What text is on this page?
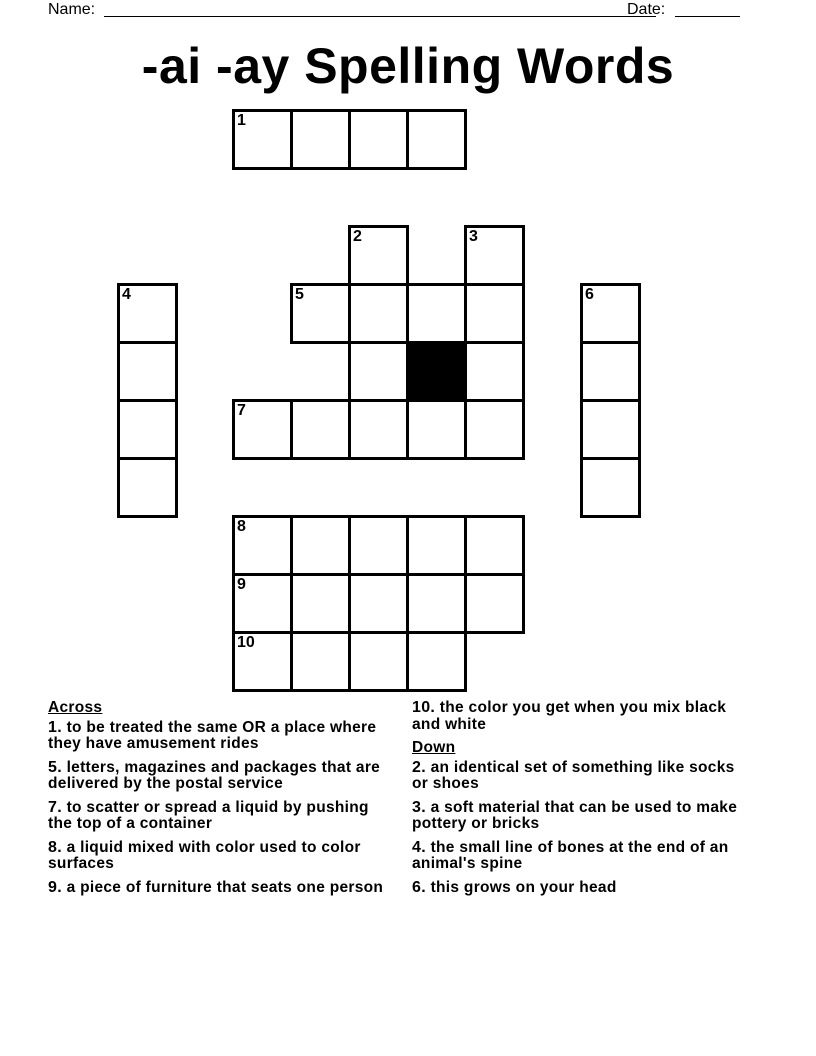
Name:	Date:
-ai -ay Spelling Words
1
2	3
4	5	6
7
8
9
10
Across
1. to be treated the same OR a place where they have amusement rides
5. letters, magazines and packages that are delivered by the postal service
7. to scatter or spread a liquid by pushing the top of a container
8. a liquid mixed with color used to color surfaces
9. a piece of furniture that seats one person
10. the color you get when you mix black and white
Down
2. an identical set of something like socks or shoes
3. a soft material that can be used to make pottery or bricks
4. the small line of bones at the end of an animal's spine
6. this grows on your head
